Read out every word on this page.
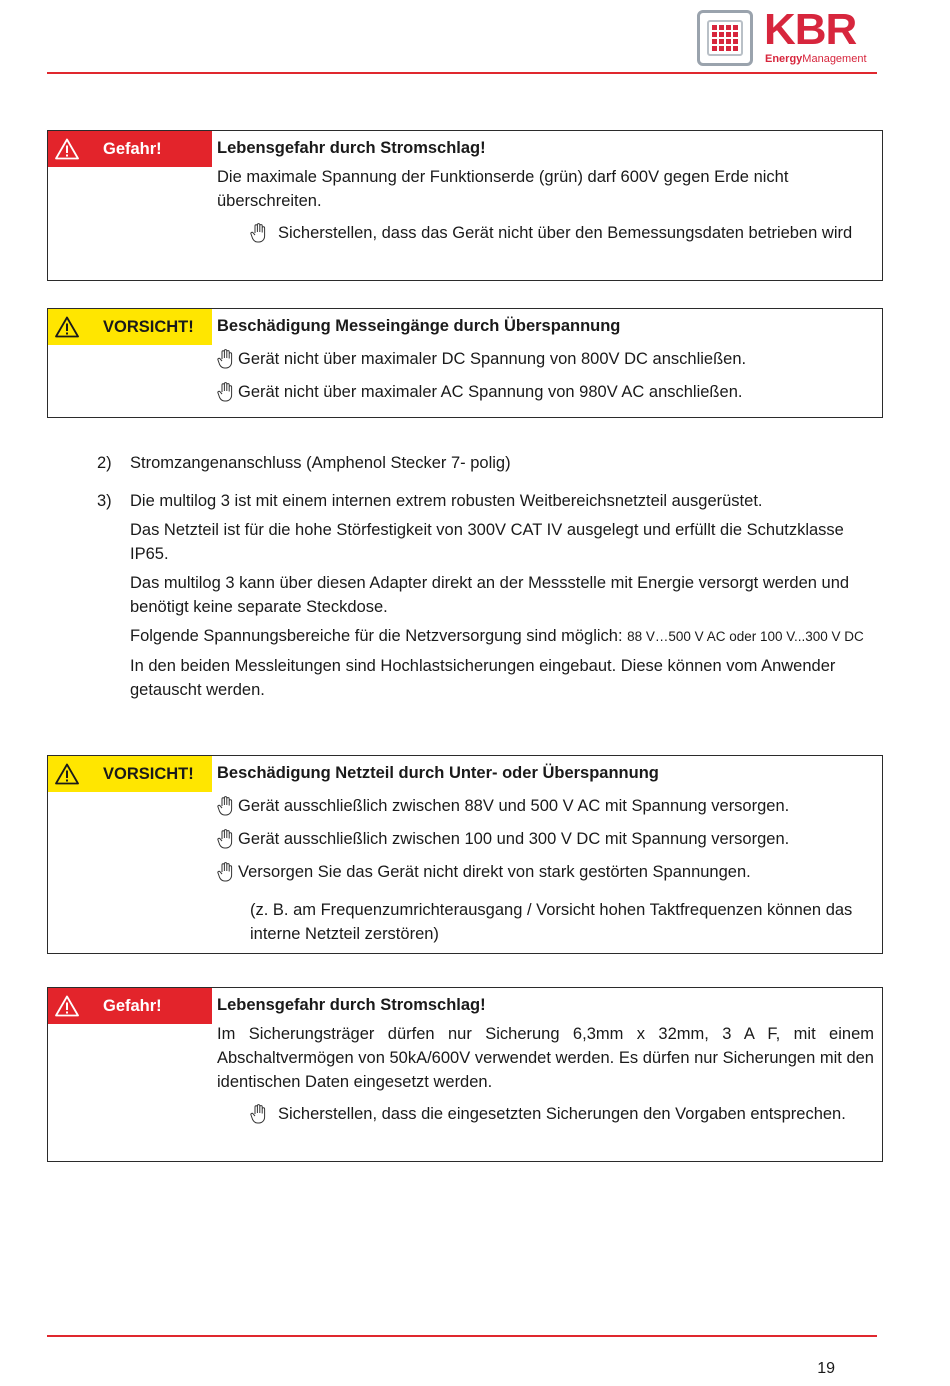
KBR
EnergyManagement
Gefahr!	Lebensgefahr durch Stromschlag!

Die maximale Spannung der Funktionserde (grün) darf 600V gegen Erde nicht überschreiten.

Sicherstellen, dass das Gerät nicht über den Bemessungsdaten betrieben wird
VORSICHT! Beschädigung Messeingänge durch Überspannung
Gerät nicht über maximaler DC Spannung von 800V DC anschließen.
Gerät nicht über maximaler AC Spannung von 980V AC anschließen.
2)	Stromzangenanschluss (Amphenol Stecker 7- polig)

3)	Die multilog 3 ist mit einem internen extrem robusten Weitbereichsnetzteil ausgerüstet.

Das Netzteil ist für die hohe Störfestigkeit von 300V CAT IV ausgelegt und erfüllt die Schutzklasse IP65.

Das multilog 3 kann über diesen Adapter direkt an der Messstelle mit Energie versorgt werden und benötigt keine separate Steckdose.

Folgende Spannungsbereiche für die Netzversorgung sind möglich: 88 V…500 V AC oder 100 V...300 V DC

In den beiden Messleitungen sind Hochlastsicherungen eingebaut. Diese können vom Anwender getauscht werden.

VORSICHT! Beschädigung Netzteil durch Unter- oder Überspannung
Gerät ausschließlich zwischen 88V und 500 V AC mit Spannung versorgen.
Gerät ausschließlich zwischen 100 und 300 V DC mit Spannung versorgen.
Versorgen Sie das Gerät nicht direkt von stark gestörten Spannungen.

(z. B. am Frequenzumrichterausgang / Vorsicht hohen Taktfrequenzen können das interne Netzteil zerstören)

Gefahr!	Lebensgefahr durch Stromschlag!

Im Sicherungsträger dürfen nur Sicherung 6,3mm x 32mm, 3 A F, mit einem Abschaltvermögen von 50kA/600V verwendet werden. Es dürfen nur Sicherungen mit den identischen Daten eingesetzt werden.

Sicherstellen, dass die eingesetzten Sicherungen den Vorgaben entsprechen.
19
